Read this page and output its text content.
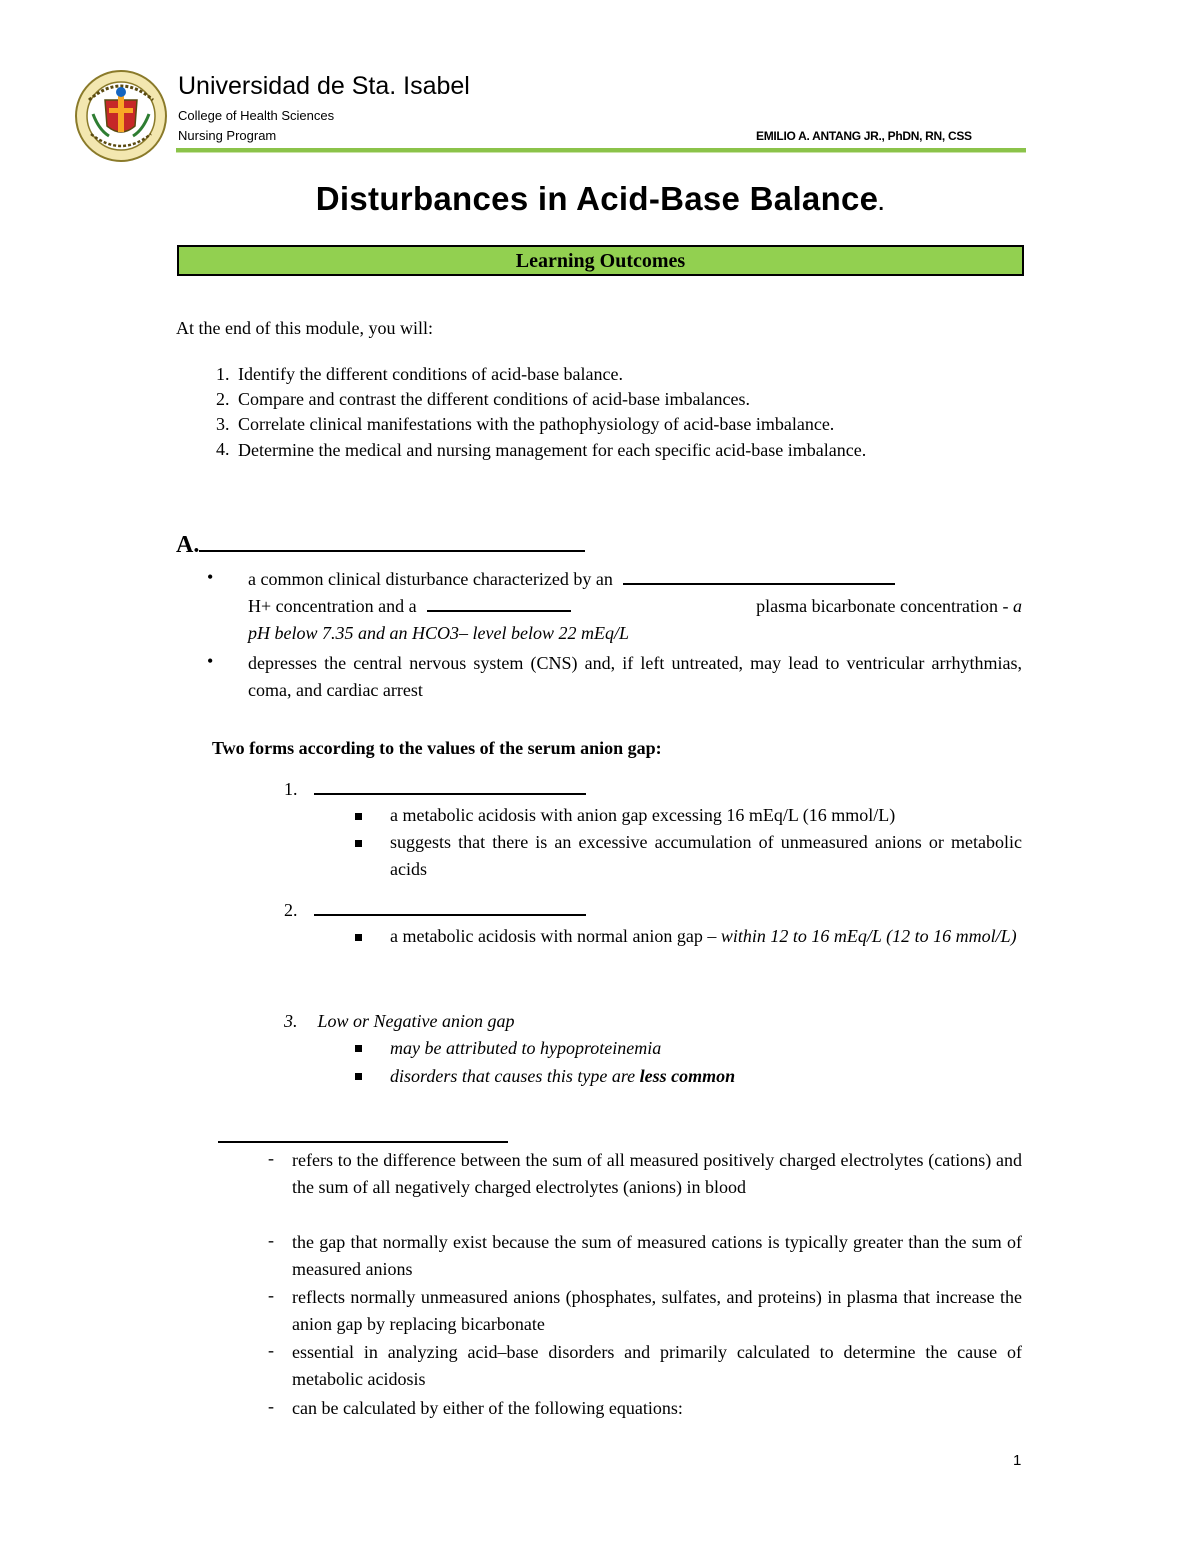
Universidad de Sta. Isabel
College of Health Sciences
Nursing Program	EMILIO A. ANTANG JR., PhDN, RN, CSS
Disturbances in Acid-Base Balance.
Learning Outcomes
At the end of this module, you will:
1. Identify the different conditions of acid-base balance.
2. Compare and contrast the different conditions of acid-base imbalances.
3. Correlate clinical manifestations with the pathophysiology of acid-base imbalance.
4. Determine the medical and nursing management for each specific acid-base imbalance.
A.
• a common clinical disturbance characterized by an
H+ concentration and a	plasma bicarbonate concentration - a
pH below 7.35 and an HCO3– level below 22 mEq/L
• depresses the central nervous system (CNS) and, if left untreated, may lead to ventricular arrhythmias, coma, and cardiac arrest
Two forms according to the values of the serum anion gap:
1.
a metabolic acidosis with anion gap excessing 16 mEq/L (16 mmol/L)
suggests that there is an excessive accumulation of unmeasured anions or metabolic acids
2.
a metabolic acidosis with normal anion gap – within 12 to 16 mEq/L (12 to 16 mmol/L)
3. Low or Negative anion gap
may be attributed to hypoproteinemia
disorders that causes this type are less common
- refers to the difference between the sum of all measured positively charged electrolytes (cations) and the sum of all negatively charged electrolytes (anions) in blood
- the gap that normally exist because the sum of measured cations is typically greater than the sum of measured anions
- reflects normally unmeasured anions (phosphates, sulfates, and proteins) in plasma that increase the anion gap by replacing bicarbonate
- essential in analyzing acid–base disorders and primarily calculated to determine the cause of metabolic acidosis
- can be calculated by either of the following equations:
1
